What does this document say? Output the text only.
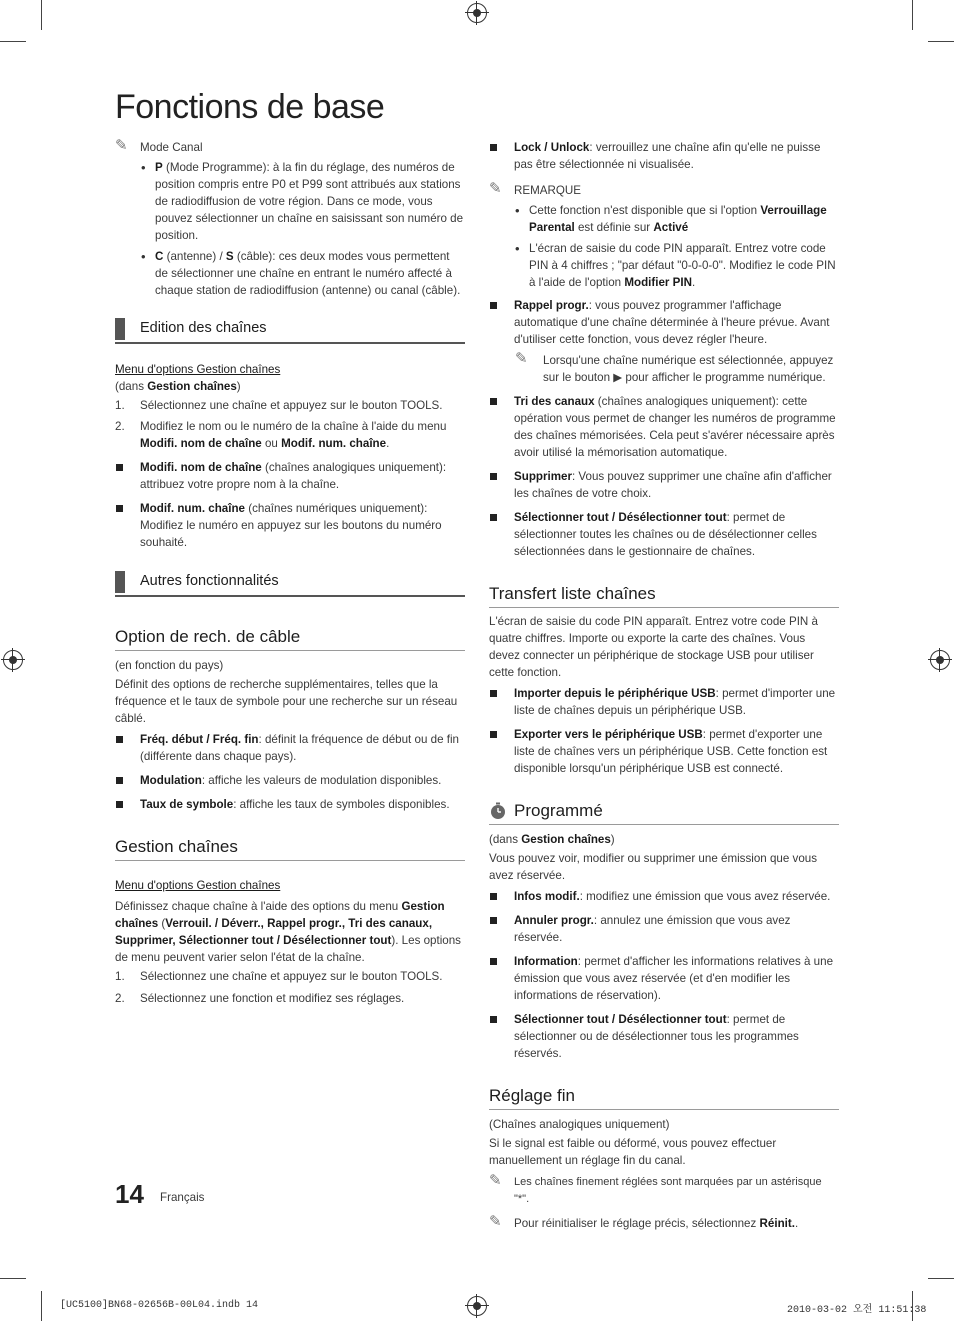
Fonctions de base
✎ Mode Canal
• P (Mode Programme): à la fin du réglage, des numéros de position compris entre P0 et P99 sont attribués aux stations de radiodiffusion de votre région. Dans ce mode, vous pouvez sélectionner un chaîne en saisissant son numéro de position.
• C (antenne) / S (câble): ces deux modes vous permettent de sélectionner une chaîne en entrant le numéro affecté à chaque station de radiodiffusion (antenne) ou canal (câble).
Edition des chaînes
Menu d'options Gestion chaînes
(dans Gestion chaînes)
1. Sélectionnez une chaîne et appuyez sur le bouton TOOLS.
2. Modifiez le nom ou le numéro de la chaîne à l'aide du menu Modifi. nom de chaîne ou Modif. num. chaîne.
Modifi. nom de chaîne (chaînes analogiques uniquement): attribuez votre propre nom à la chaîne.
Modif. num. chaîne (chaînes numériques uniquement): Modifiez le numéro en appuyez sur les boutons du numéro souhaité.
Autres fonctionnalités
Option de rech. de câble
(en fonction du pays)
Définit des options de recherche supplémentaires, telles que la fréquence et le taux de symbole pour une recherche sur un réseau câblé.
Fréq. début / Fréq. fin: définit la fréquence de début ou de fin (différente dans chaque pays).
Modulation: affiche les valeurs de modulation disponibles.
Taux de symbole: affiche les taux de symboles disponibles.
Gestion chaînes
Menu d'options Gestion chaînes
Définissez chaque chaîne à l'aide des options du menu Gestion chaînes (Verrouil. / Déverr., Rappel progr., Tri des canaux, Supprimer, Sélectionner tout / Désélectionner tout). Les options de menu peuvent varier selon l'état de la chaîne.
1. Sélectionnez une chaîne et appuyez sur le bouton TOOLS.
2. Sélectionnez une fonction et modifiez ses réglages.
Lock / Unlock: verrouillez une chaîne afin qu'elle ne puisse pas être sélectionnée ni visualisée.
✎ REMARQUE
• Cette fonction n'est disponible que si l'option Verrouillage Parental est définie sur Activé
• L'écran de saisie du code PIN apparaît. Entrez votre code PIN à 4 chiffres ; "par défaut "0-0-0-0". Modifiez le code PIN à l'aide de l'option Modifier PIN.
Rappel progr.: vous pouvez programmer l'affichage automatique d'une chaîne déterminée à l'heure prévue. Avant d'utiliser cette fonction, vous devez régler l'heure.
✎ Lorsqu'une chaîne numérique est sélectionnée, appuyez sur le bouton ▶ pour afficher le programme numérique.
Tri des canaux (chaînes analogiques uniquement): cette opération vous permet de changer les numéros de programme des chaînes mémorisées. Cela peut s'avérer nécessaire après avoir utilisé la mémorisation automatique.
Supprimer: Vous pouvez supprimer une chaîne afin d'afficher les chaînes de votre choix.
Sélectionner tout / Désélectionner tout: permet de sélectionner toutes les chaînes ou de désélectionner celles sélectionnées dans le gestionnaire de chaînes.
Transfert liste chaînes
L'écran de saisie du code PIN apparaît. Entrez votre code PIN à quatre chiffres. Importe ou exporte la carte des chaînes. Vous devez connecter un périphérique de stockage USB pour utiliser cette fonction.
Importer depuis le périphérique USB: permet d'importer une liste de chaînes depuis un périphérique USB.
Exporter vers le périphérique USB: permet d'exporter une liste de chaînes vers un périphérique USB. Cette fonction est disponible lorsqu'un périphérique USB est connecté.
Programmé
(dans Gestion chaînes)
Vous pouvez voir, modifier ou supprimer une émission que vous avez réservée.
Infos modif.: modifiez une émission que vous avez réservée.
Annuler progr.: annulez une émission que vous avez réservée.
Information: permet d'afficher les informations relatives à une émission que vous avez réservée (et d'en modifier les informations de réservation).
Sélectionner tout / Désélectionner tout: permet de sélectionner ou de désélectionner tous les programmes réservés.
Réglage fin
(Chaînes analogiques uniquement)
Si le signal est faible ou déformé, vous pouvez effectuer manuellement un réglage fin du canal.
✎ Les chaînes finement réglées sont marquées par un astérisque "*".
✎ Pour réinitialiser le réglage précis, sélectionnez Réinit..
14 Français
[UC5100]BN68-02656B-00L04.indb 14	2010-03-02 오전 11:51:38
